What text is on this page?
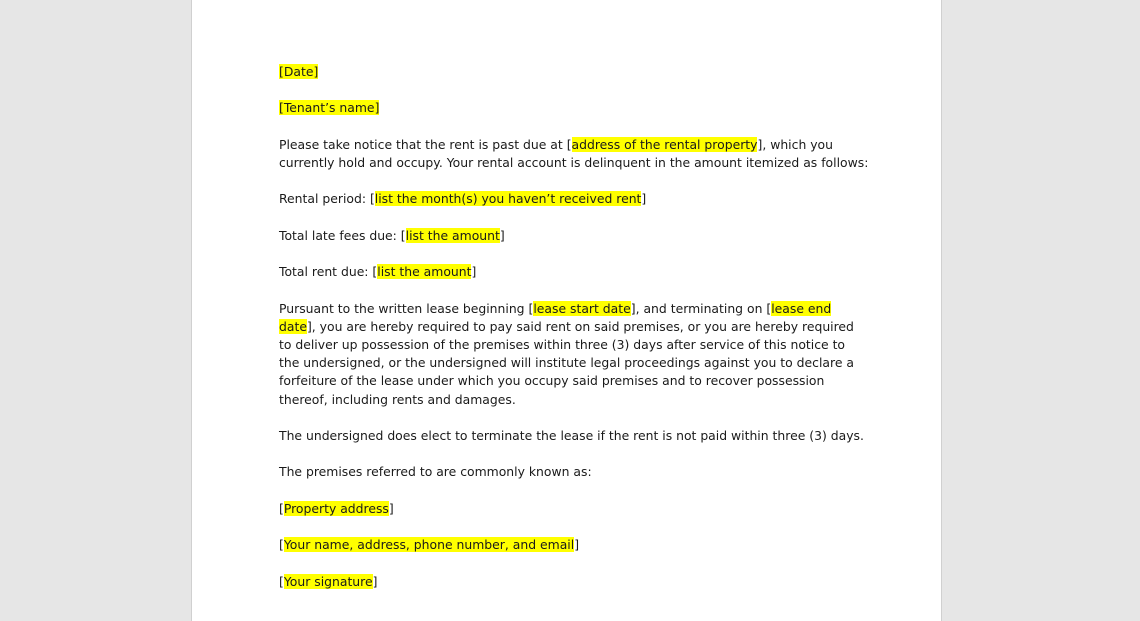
[Date]

[Tenant’s name]

Please take notice that the rent is past due at [address of the rental property], which you currently hold and occupy. Your rental account is delinquent in the amount itemized as follows:

Rental period: [list the month(s) you haven’t received rent]

Total late fees due: [list the amount]

Total rent due: [list the amount]

Pursuant to the written lease beginning [lease start date], and terminating on [lease end date], you are hereby required to pay said rent on said premises, or you are hereby required to deliver up possession of the premises within three (3) days after service of this notice to the undersigned, or the undersigned will institute legal proceedings against you to declare a forfeiture of the lease under which you occupy said premises and to recover possession thereof, including rents and damages.

The undersigned does elect to terminate the lease if the rent is not paid within three (3) days.

The premises referred to are commonly known as:

[Property address]

[Your name, address, phone number, and email]

[Your signature]
